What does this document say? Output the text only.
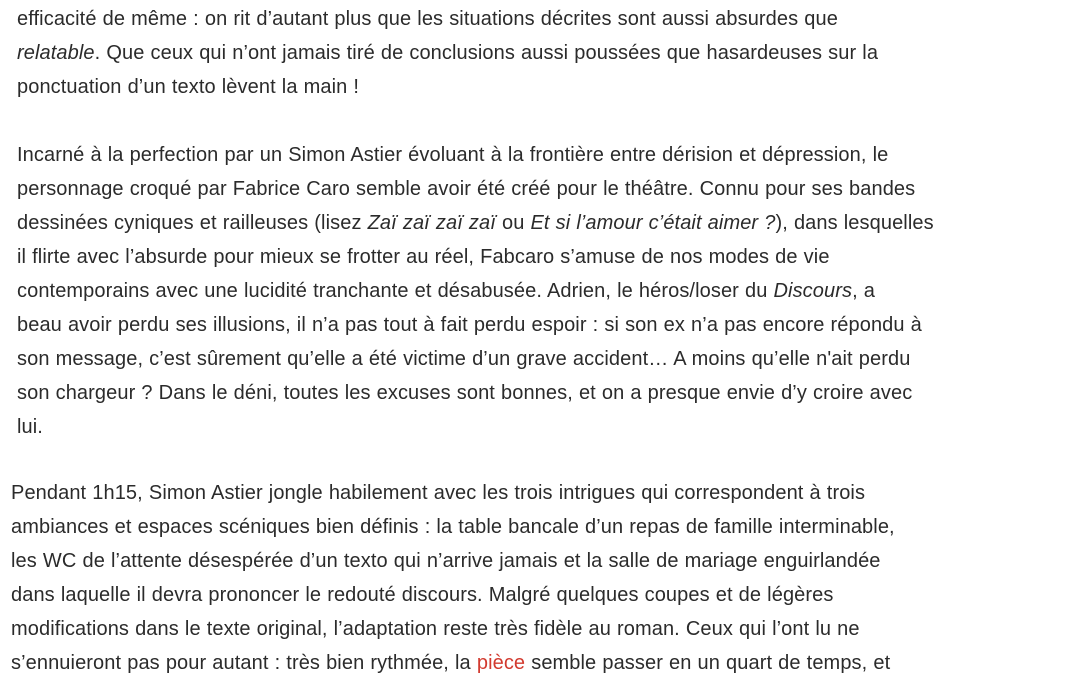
efficacité de même : on rit d’autant plus que les situations décrites sont aussi absurdes que
relatable. Que ceux qui n’ont jamais tiré de conclusions aussi poussées que hasardeuses sur la
ponctuation d’un texto lèvent la main !

Incarné à la perfection par un Simon Astier évoluant à la frontière entre dérision et dépression, le
personnage croqué par Fabrice Caro semble avoir été créé pour le théâtre. Connu pour ses bandes
dessinées cyniques et railleuses (lisez Zaï zaï zaï zaï ou Et si l’amour c’était aimer ?), dans lesquelles
il flirte avec l’absurde pour mieux se frotter au réel, Fabcaro s’amuse de nos modes de vie
contemporains avec une lucidité tranchante et désabusée. Adrien, le héros/loser du Discours, a
beau avoir perdu ses illusions, il n’a pas tout à fait perdu espoir : si son ex n’a pas encore répondu à
son message, c’est sûrement qu’elle a été victime d’un grave accident… A moins qu’elle n'ait perdu
son chargeur ? Dans le déni, toutes les excuses sont bonnes, et on a presque envie d’y croire avec
lui.

Pendant 1h15, Simon Astier jongle habilement avec les trois intrigues qui correspondent à trois
ambiances et espaces scéniques bien définis : la table bancale d’un repas de famille interminable,
les WC de l’attente désespérée d’un texto qui n’arrive jamais et la salle de mariage enguirlandée
dans laquelle il devra prononcer le redouté discours. Malgré quelques coupes et de légères
modifications dans le texte original, l’adaptation reste très fidèle au roman. Ceux qui l’ont lu ne
s’ennuieront pas pour autant : très bien rythmée, la pièce semble passer en un quart de temps, et
